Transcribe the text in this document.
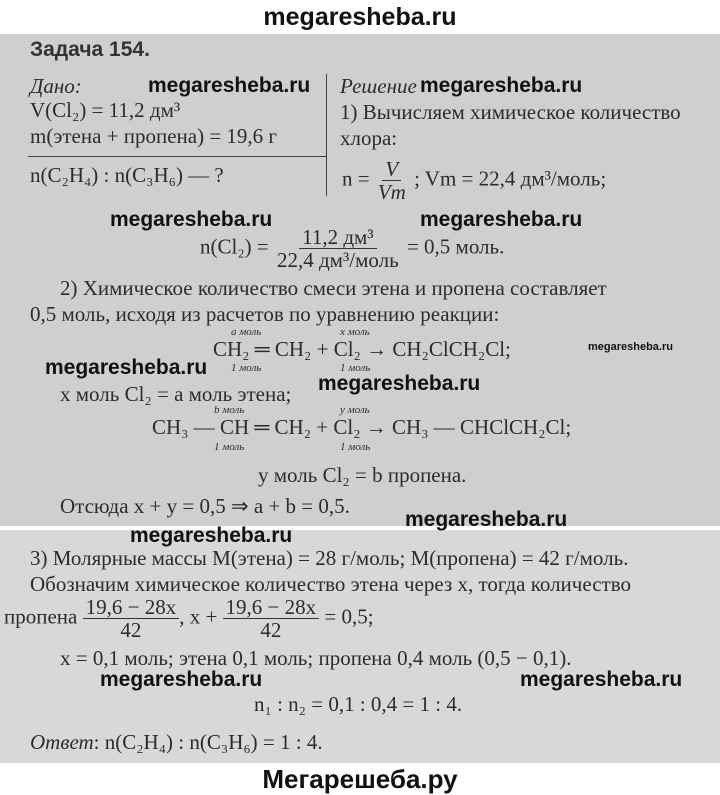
megaresheba.ru
Задача 154.
Дано:	megaresheba.ru
V(Cl₂) = 11,2 дм³
m(этена + пропена) = 19,6 г
n(C₂H₄) : n(C₃H₆) — ?
Решение megaresheba.ru
1) Вычисляем химическое количество
хлора:
$n = \frac{V}{Vm}$ ; Vm = 22,4 дм³/моль;
megaresheba.ru	megaresheba.ru
$n(Cl_2) = \frac{\text{11,2 дм³}}{\text{22,4 дм³/моль}} = 0,5$ моль.
2) Химическое количество смеси этена и пропена составляет
0,5 моль, исходя из расчетов по уравнению реакции:
a моль	x моль
CH₂ ═ CH₂ + Cl₂ → CH₂ClCH₂Cl;
1 моль	1 моль
megaresheba.ru
megaresheba.ru
x моль Cl₂ = a моль этена; megaresheba.ru
b моль	y моль
CH₃ — CH ═ CH₂ + Cl₂ → CH₃ — CHClCH₂Cl;
1 моль	1 моль
y моль Cl₂ = b пропена.
Отсюда x + y = 0,5 ⇒ a + b = 0,5.
megaresheba.ru
megaresheba.ru
3) Молярные массы M(этена) = 28 г/моль; M(пропена) = 42 г/моль.
Обозначим химическое количество этена через x, тогда количество
пропена $\frac{19,6 - 28x}{42}$ , $x + \frac{19,6 - 28x}{42} = 0,5$;
x = 0,1 моль; этена 0,1 моль; пропена 0,4 моль (0,5 − 0,1).
megaresheba.ru	megaresheba.ru
n₁ : n₂ = 0,1 : 0,4 = 1 : 4.
Ответ: n(C₂H₄) : n(C₃H₆) = 1 : 4.
Мегарешеба.ру
